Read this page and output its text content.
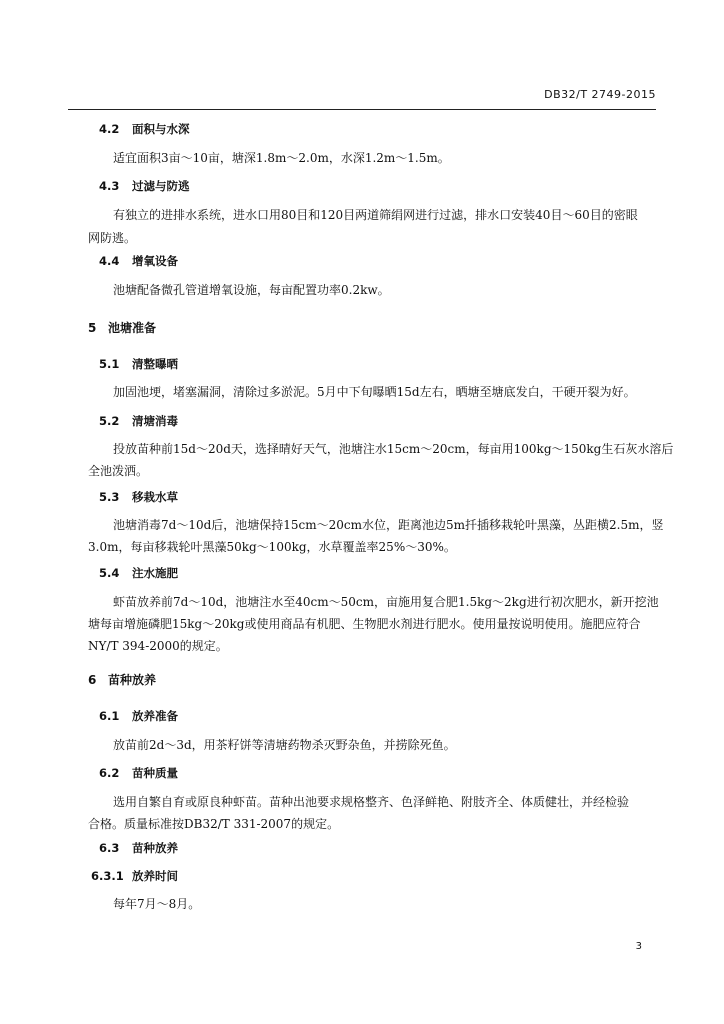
DB32/T 2749-2015
4.2 面积与水深
适宜面积3亩～10亩，塘深1.8m～2.0m，水深1.2m～1.5m。
4.3 过滤与防逃
有独立的进排水系统，进水口用80目和120目两道筛绢网进行过滤，排水口安装40目～60目的密眼
网防逃。
4.4 增氧设备
池塘配备微孔管道增氧设施，每亩配置功率0.2kw。
5 池塘准备
5.1 清整曝晒
加固池埂，堵塞漏洞，清除过多淤泥。5月中下旬曝晒15d左右，晒塘至塘底发白，干硬开裂为好。
5.2 清塘消毒
投放苗种前15d～20d天，选择晴好天气，池塘注水15cm～20cm，每亩用100kg～150kg生石灰水溶后
全池泼洒。
5.3 移栽水草
池塘消毒7d～10d后，池塘保持15cm～20cm水位，距离池边5m扦插移栽轮叶黑藻，丛距横2.5m，竖
3.0m，每亩移栽轮叶黑藻50kg～100kg，水草覆盖率25%～30%。
5.4 注水施肥
虾苗放养前7d～10d，池塘注水至40cm～50cm，亩施用复合肥1.5kg～2kg进行初次肥水，新开挖池
塘每亩增施磷肥15kg～20kg或使用商品有机肥、生物肥水剂进行肥水。使用量按说明使用。施肥应符合
NY/T 394-2000的规定。
6 苗种放养
6.1 放养准备
放苗前2d～3d，用茶籽饼等清塘药物杀灭野杂鱼，并捞除死鱼。
6.2 苗种质量
选用自繁自育或原良种虾苗。苗种出池要求规格整齐、色泽鲜艳、附肢齐全、体质健壮，并经检验
合格。质量标准按DB32/T 331-2007的规定。
6.3 苗种放养
6.3.1 放养时间
每年7月～8月。
3
